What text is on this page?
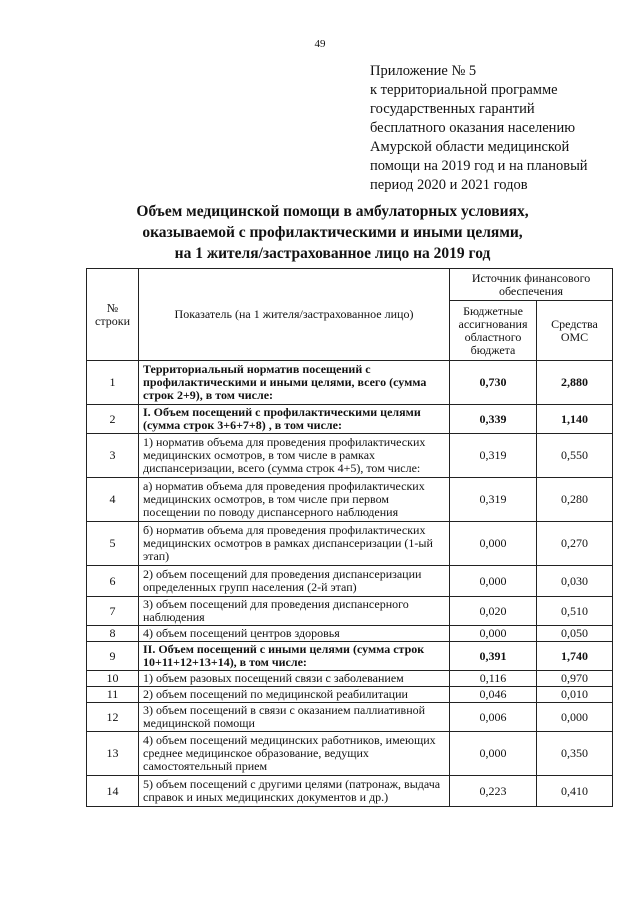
49
Приложение № 5
к территориальной программе
государственных гарантий
бесплатного оказания населению
Амурской области медицинской
помощи на 2019 год и на плановый
период 2020 и 2021 годов
Объем медицинской помощи в амбулаторных условиях,
оказываемой с профилактическими и иными целями,
на 1 жителя/застрахованное лицо на 2019 год
№ строки	Показатель (на 1 жителя/застрахованное лицо)	Источник финансового обеспечения	
		Бюджетные ассигнования областного бюджета	Средства ОМС
1	Территориальный норматив посещений с профилактическими и иными целями, всего (сумма строк 2+9), в том числе:	0,730	2,880
2	I. Объем посещений с профилактическими целями (сумма строк 3+6+7+8) , в том числе:	0,339	1,140
3	1) норматив объема для проведения профилактических медицинских осмотров, в том числе в рамках диспансеризации, всего (сумма строк 4+5), том числе:	0,319	0,550
4	а) норматив объема для проведения профилактических медицинских осмотров, в том числе при первом посещении по поводу диспансерного наблюдения	0,319	0,280
5	б) норматив объема для проведения профилактических медицинских осмотров в рамках диспансеризации (1-ый этап)	0,000	0,270
6	2) объем посещений для проведения диспансеризации определенных групп населения (2-й этап)	0,000	0,030
7	3) объем посещений для проведения диспансерного наблюдения	0,020	0,510
8	4) объем посещений центров здоровья	0,000	0,050
9	II. Объем посещений с иными целями (сумма строк 10+11+12+13+14), в том числе:	0,391	1,740
10	1) объем разовых посещений связи с заболеванием	0,116	0,970
11	2) объем посещений по медицинской реабилитации	0,046	0,010
12	3) объем посещений в связи с оказанием паллиативной медицинской помощи	0,006	0,000
13	4) объем посещений медицинских работников, имеющих среднее медицинское образование, ведущих самостоятельный прием	0,000	0,350
14	5) объем посещений с другими целями (патронаж, выдача справок и иных медицинских документов и др.)	0,223	0,410
